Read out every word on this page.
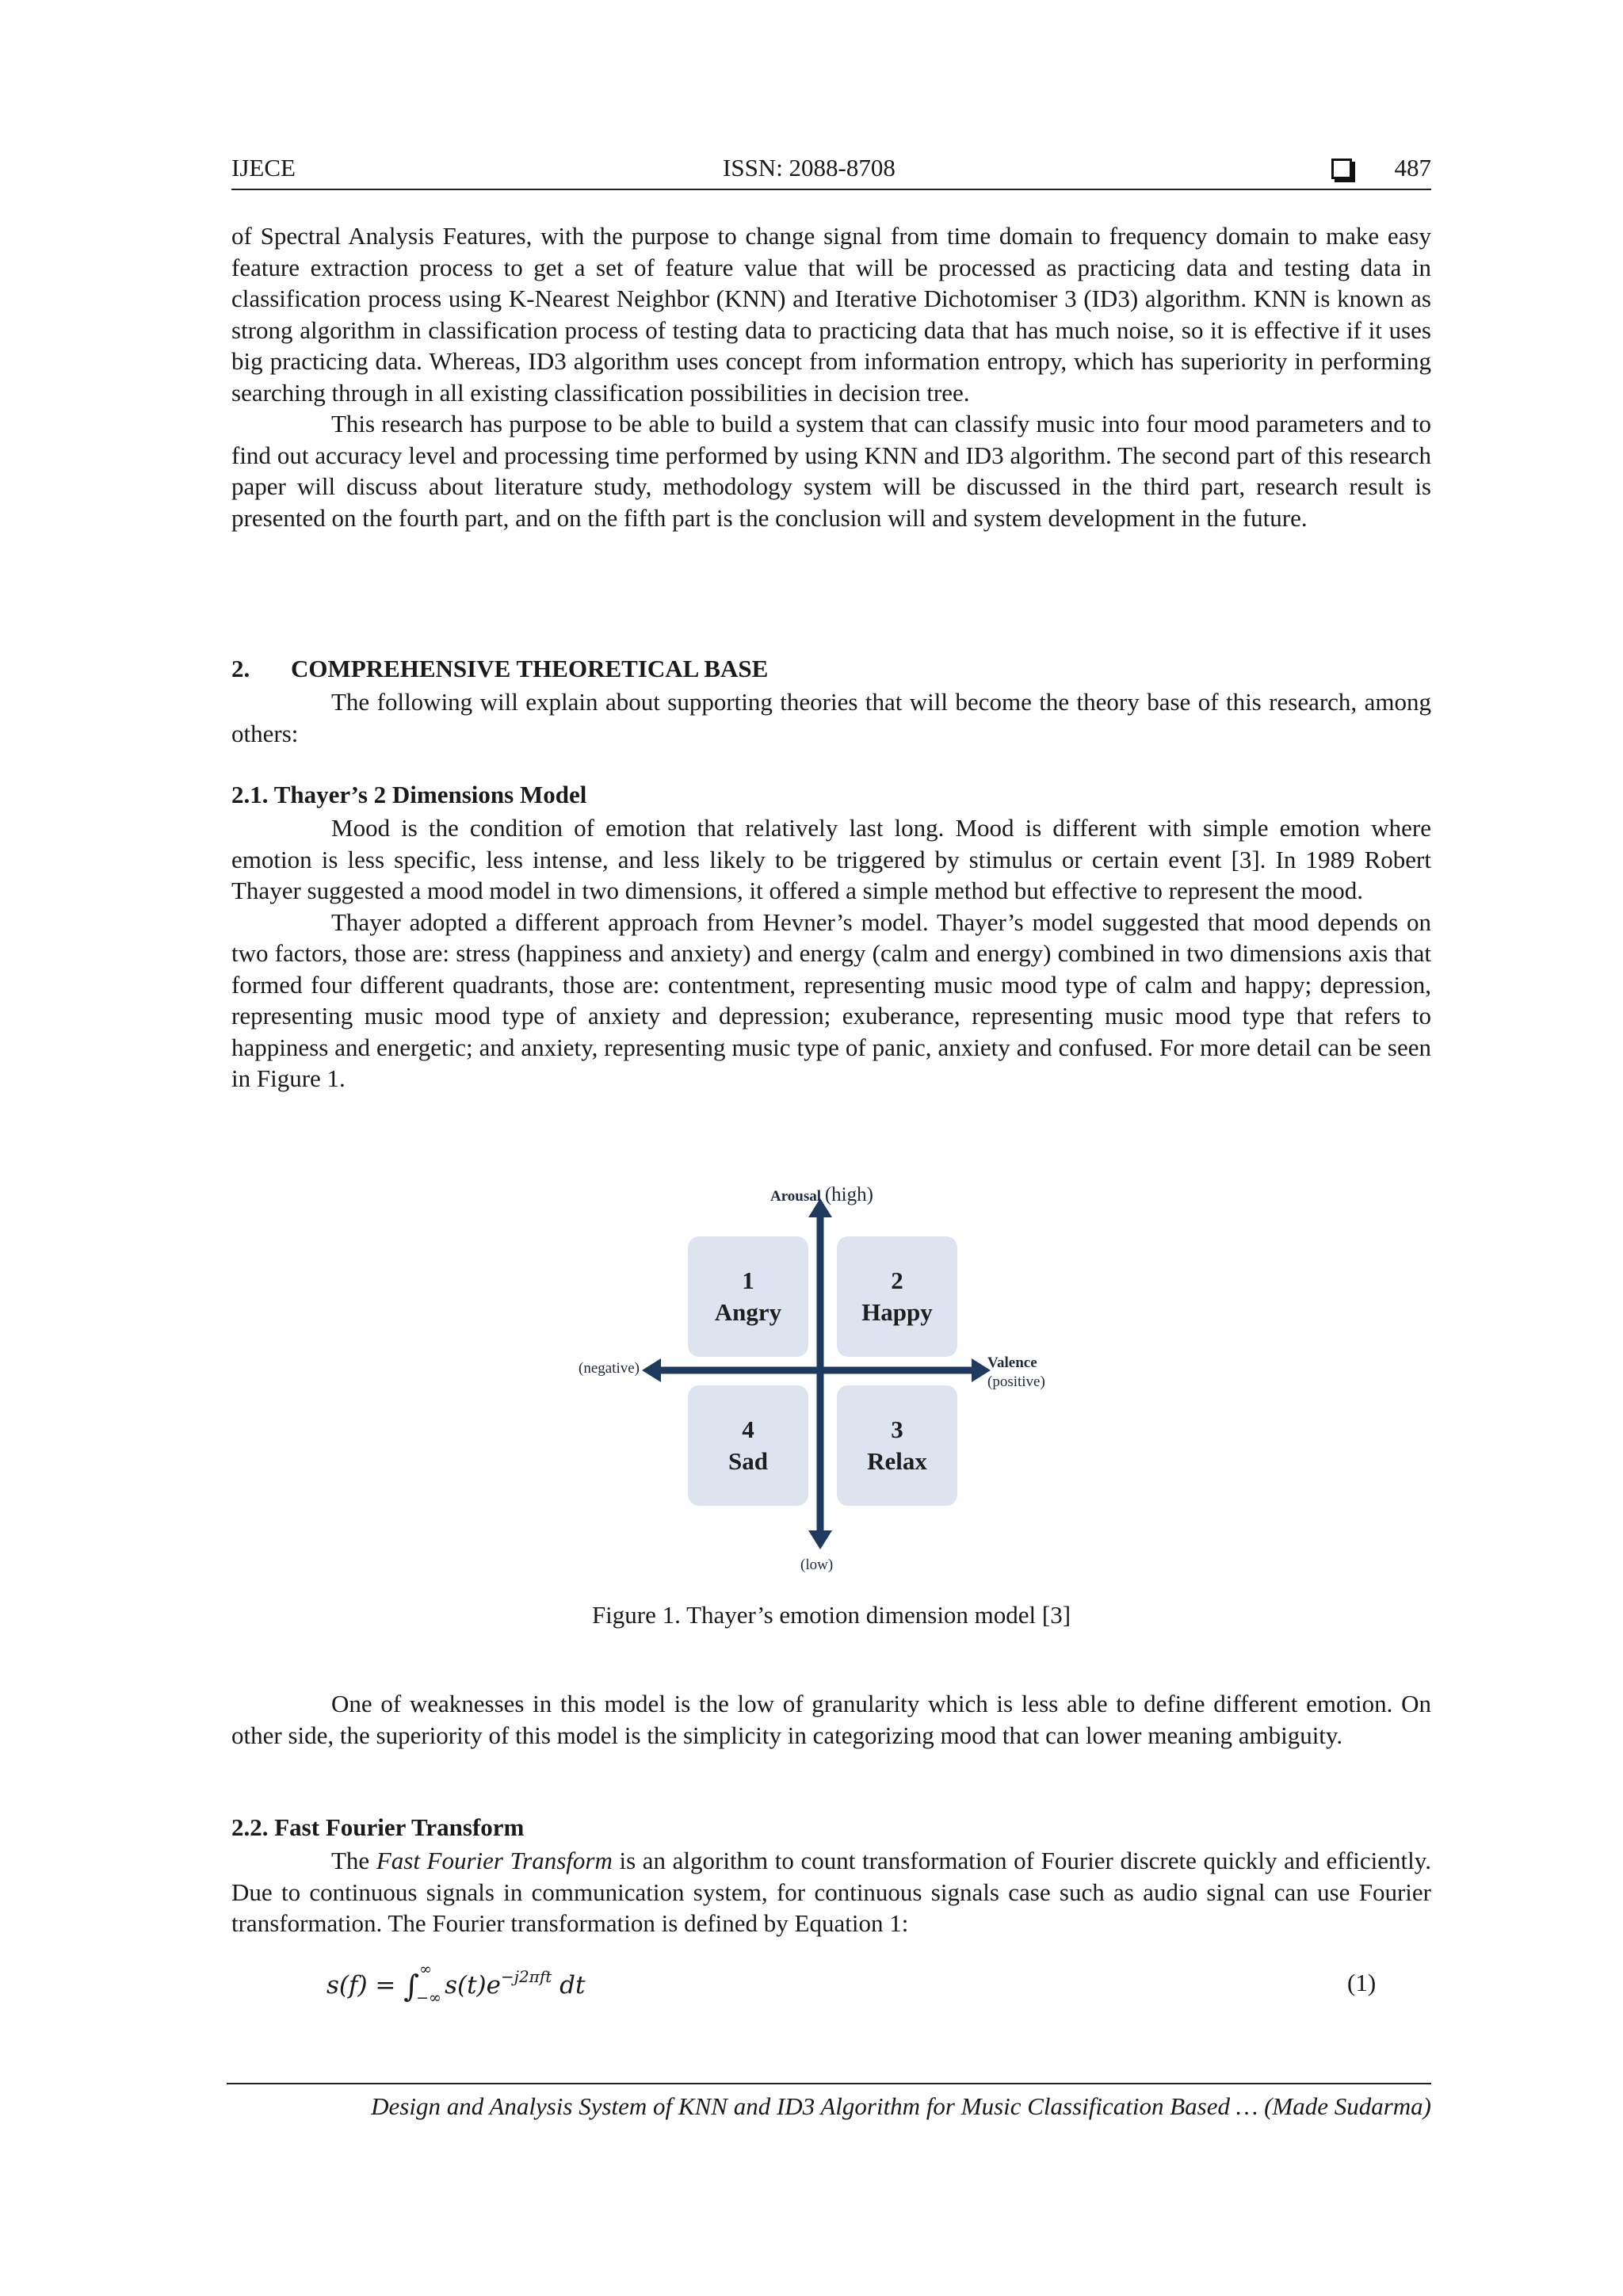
IJECE	ISSN: 2088-8708	487

of Spectral Analysis Features, with the purpose to change signal from time domain to frequency domain to make easy feature extraction process to get a set of feature value that will be processed as practicing data and testing data in classification process using K-Nearest Neighbor (KNN) and Iterative Dichotomiser 3 (ID3) algorithm. KNN is known as strong algorithm in classification process of testing data to practicing data that has much noise, so it is effective if it uses big practicing data. Whereas, ID3 algorithm uses concept from information entropy, which has superiority in performing searching through in all existing classification possibilities in decision tree.

This research has purpose to be able to build a system that can classify music into four mood parameters and to find out accuracy level and processing time performed by using KNN and ID3 algorithm. The second part of this research paper will discuss about literature study, methodology system will be discussed in the third part, research result is presented on the fourth part, and on the fifth part is the conclusion will and system development in the future.

2. COMPREHENSIVE THEORETICAL BASE

The following will explain about supporting theories that will become the theory base of this research, among others:

2.1. Thayer’s 2 Dimensions Model

Mood is the condition of emotion that relatively last long. Mood is different with simple emotion where emotion is less specific, less intense, and less likely to be triggered by stimulus or certain event [3]. In 1989 Robert Thayer suggested a mood model in two dimensions, it offered a simple method but effective to represent the mood.

Thayer adopted a different approach from Hevner’s model. Thayer’s model suggested that mood depends on two factors, those are: stress (happiness and anxiety) and energy (calm and energy) combined in two dimensions axis that formed four different quadrants, those are: contentment, representing music mood type of calm and happy; depression, representing music mood type of anxiety and depression; exuberance, representing music mood type that refers to happiness and energetic; and anxiety, representing music type of panic, anxiety and confused. For more detail can be seen in Figure 1.

Arousal (high)
(low)
(negative)	Valence
(positive)
1
Angry
2
Happy
3
Relax
4
Sad
Figure 1. Thayer’s emotion dimension model [3]

One of weaknesses in this model is the low of granularity which is less able to define different emotion. On other side, the superiority of this model is the simplicity in categorizing mood that can lower meaning ambiguity.

2.2. Fast Fourier Transform

The Fast Fourier Transform is an algorithm to count transformation of Fourier discrete quickly and efficiently. Due to continuous signals in communication system, for continuous signals case such as audio signal can use Fourier transformation. The Fourier transformation is defined by Equation 1:

s(f) = ∫ ∞
−∞ $s(t)e^{-j2\pi ft}$ dt	(1)
Design and Analysis System of KNN and ID3 Algorithm for Music Classification Based … (Made Sudarma)
